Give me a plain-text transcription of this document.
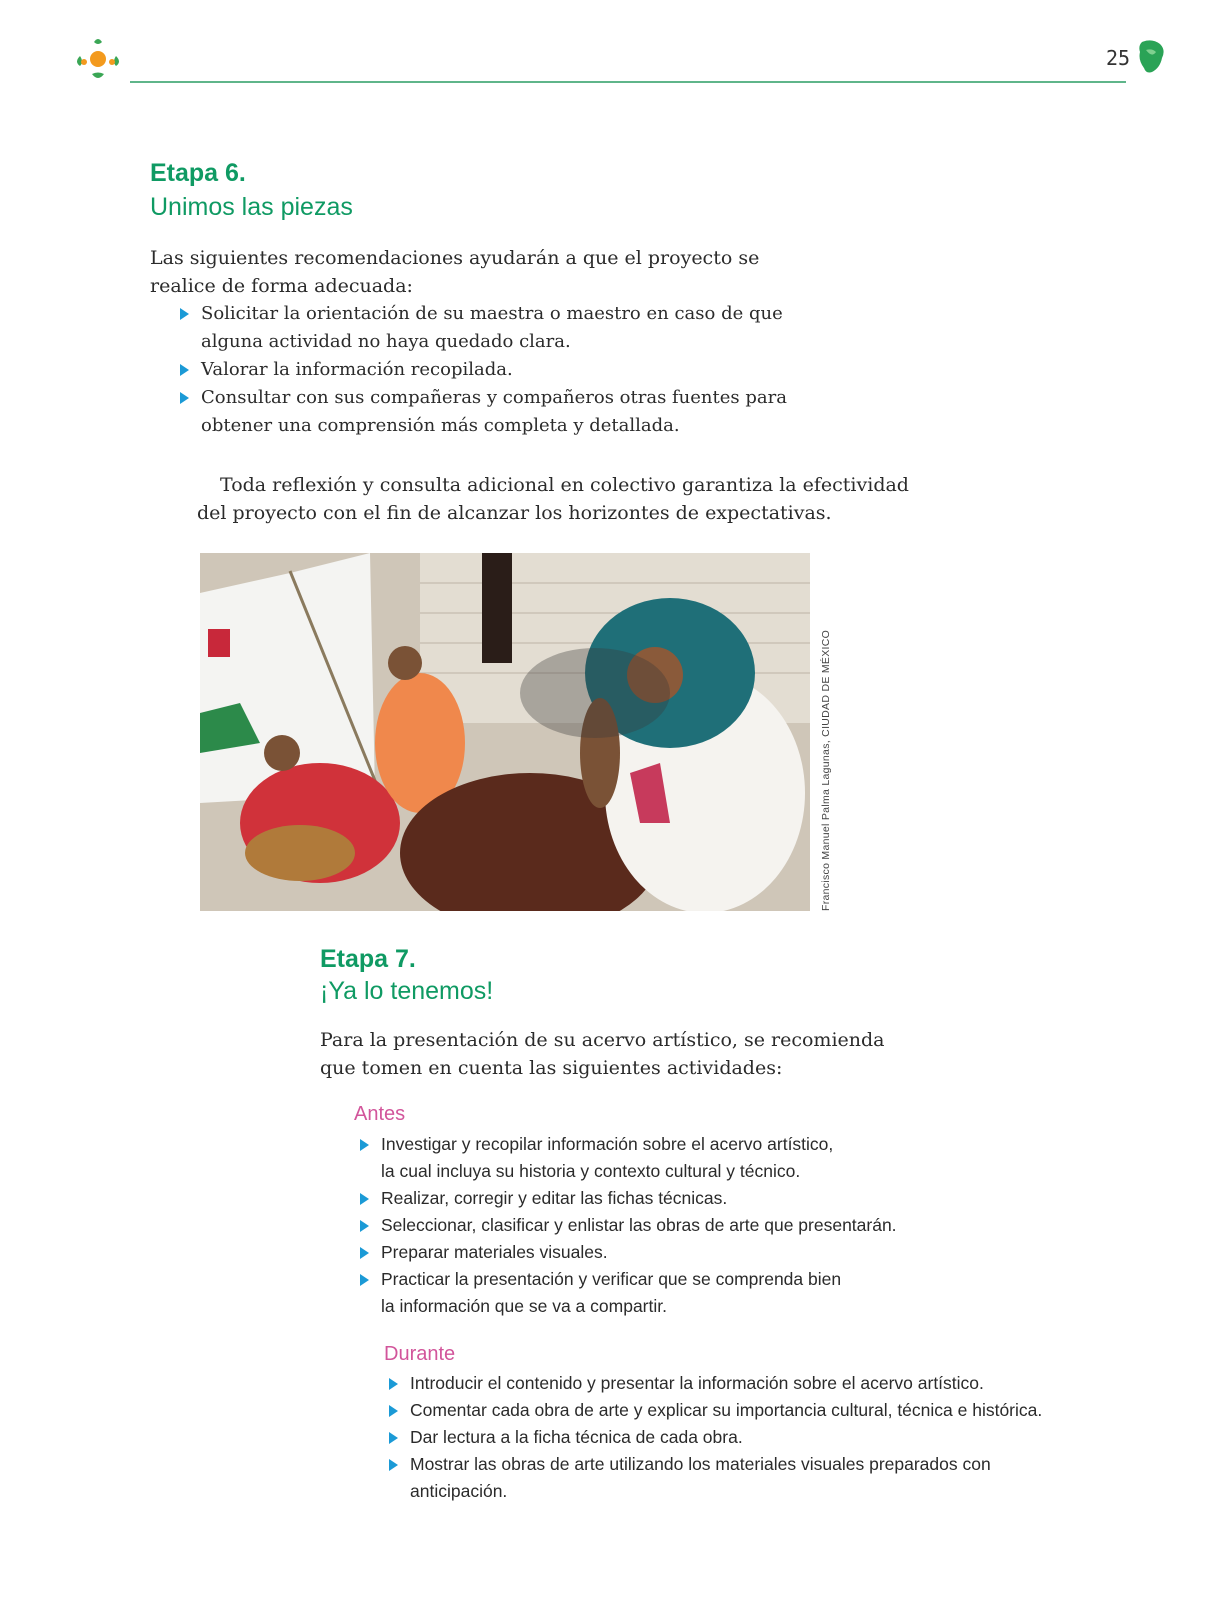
25
Etapa 6.
Unimos las piezas
Las siguientes recomendaciones ayudarán a que el proyecto se
realice de forma adecuada:
Solicitar la orientación de su maestra o maestro en caso de que
alguna actividad no haya quedado clara.
Valorar la información recopilada.
Consultar con sus compañeras y compañeros otras fuentes para
obtener una comprensión más completa y detallada.
Toda reflexión y consulta adicional en colectivo garantiza la efectividad
del proyecto con el fin de alcanzar los horizontes de expectativas.
Francisco Manuel Palma Lagunas, CIUDAD DE MÉXICO
Etapa 7.
¡Ya lo tenemos!
Para la presentación de su acervo artístico, se recomienda
que tomen en cuenta las siguientes actividades:
Antes
Investigar y recopilar información sobre el acervo artístico,
la cual incluya su historia y contexto cultural y técnico.
Realizar, corregir y editar las fichas técnicas.
Seleccionar, clasificar y enlistar las obras de arte que presentarán.
Preparar materiales visuales.
Practicar la presentación y verificar que se comprenda bien
la información que se va a compartir.
Durante
Introducir el contenido y presentar la información sobre el acervo artístico.
Comentar cada obra de arte y explicar su importancia cultural, técnica e histórica.
Dar lectura a la ficha técnica de cada obra.
Mostrar las obras de arte utilizando los materiales visuales preparados con
anticipación.
